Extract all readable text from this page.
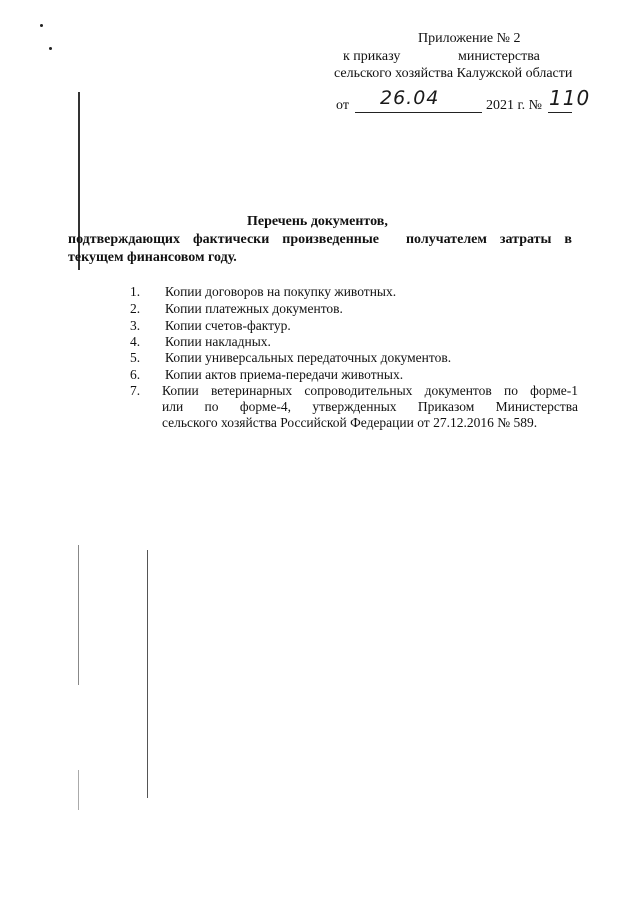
Приложение № 2
к приказу	министерства
сельского хозяйства Калужской области
от 26.04	2021 г. № 110
Перечень документов,
подтверждающих фактически произведенные получателем затраты в
текущем финансовом году.
1. Копии договоров на покупку животных.
2. Копии платежных документов.
3. Копии счетов-фактур.
4. Копии накладных.
5. Копии универсальных передаточных документов.
6. Копии актов приема-передачи животных.
7. Копии ветеринарных сопроводительных документов по форме-1
или по форме-4, утвержденных Приказом Министерства
сельского хозяйства Российской Федерации от 27.12.2016 № 589.
